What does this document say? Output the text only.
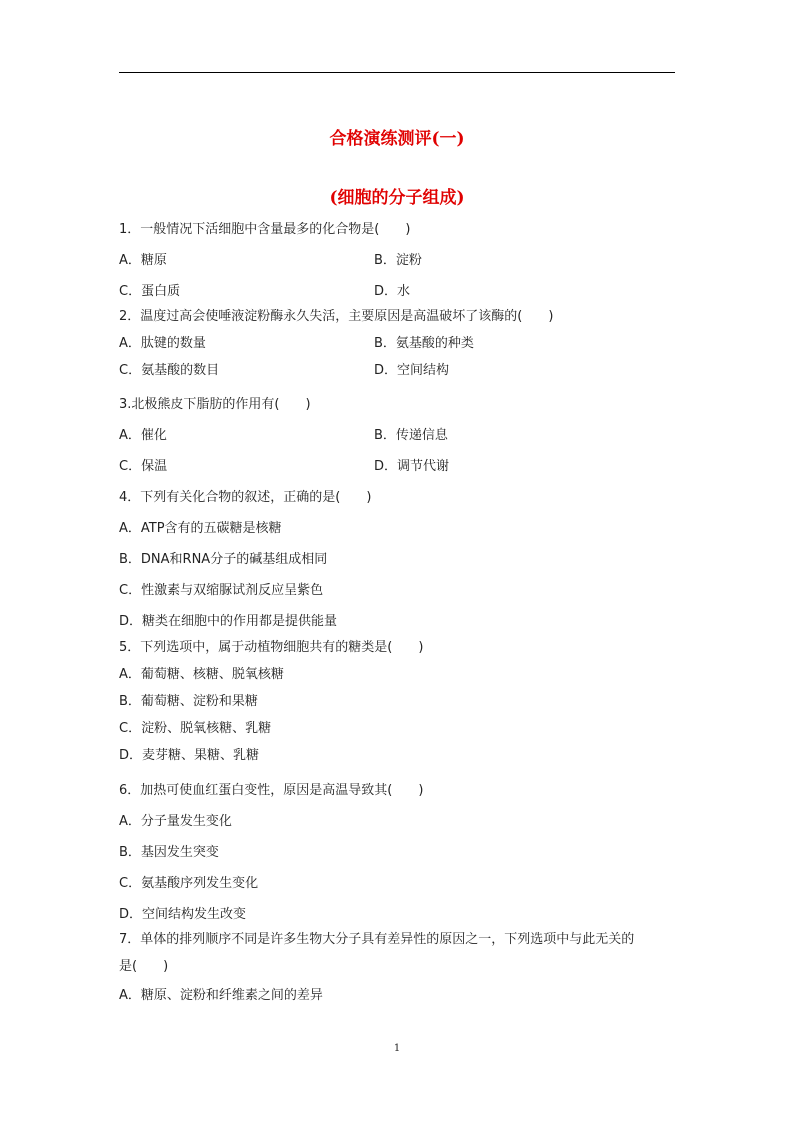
合格演练测评(一)
(细胞的分子组成)
1．一般情况下活细胞中含量最多的化合物是(　　)
A．糖原	B．淀粉
C．蛋白质	D．水
2．温度过高会使唾液淀粉酶永久失活，主要原因是高温破坏了该酶的(　　)
A．肽键的数量	B．氨基酸的种类
C．氨基酸的数目	D．空间结构
3.北极熊皮下脂肪的作用有(　　)
A．催化	B．传递信息
C．保温	D．调节代谢
4．下列有关化合物的叙述，正确的是(　　)
A．ATP含有的五碳糖是核糖
B．DNA和RNA分子的碱基组成相同
C．性激素与双缩脲试剂反应呈紫色
D．糖类在细胞中的作用都是提供能量
5．下列选项中，属于动植物细胞共有的糖类是(　　)
A．葡萄糖、核糖、脱氧核糖
B．葡萄糖、淀粉和果糖
C．淀粉、脱氧核糖、乳糖
D．麦芽糖、果糖、乳糖
6．加热可使血红蛋白变性，原因是高温导致其(　　)
A．分子量发生变化
B．基因发生突变
C．氨基酸序列发生变化
D．空间结构发生改变
7．单体的排列顺序不同是许多生物大分子具有差异性的原因之一，下列选项中与此无关的
是(　　)
A．糖原、淀粉和纤维素之间的差异
1
